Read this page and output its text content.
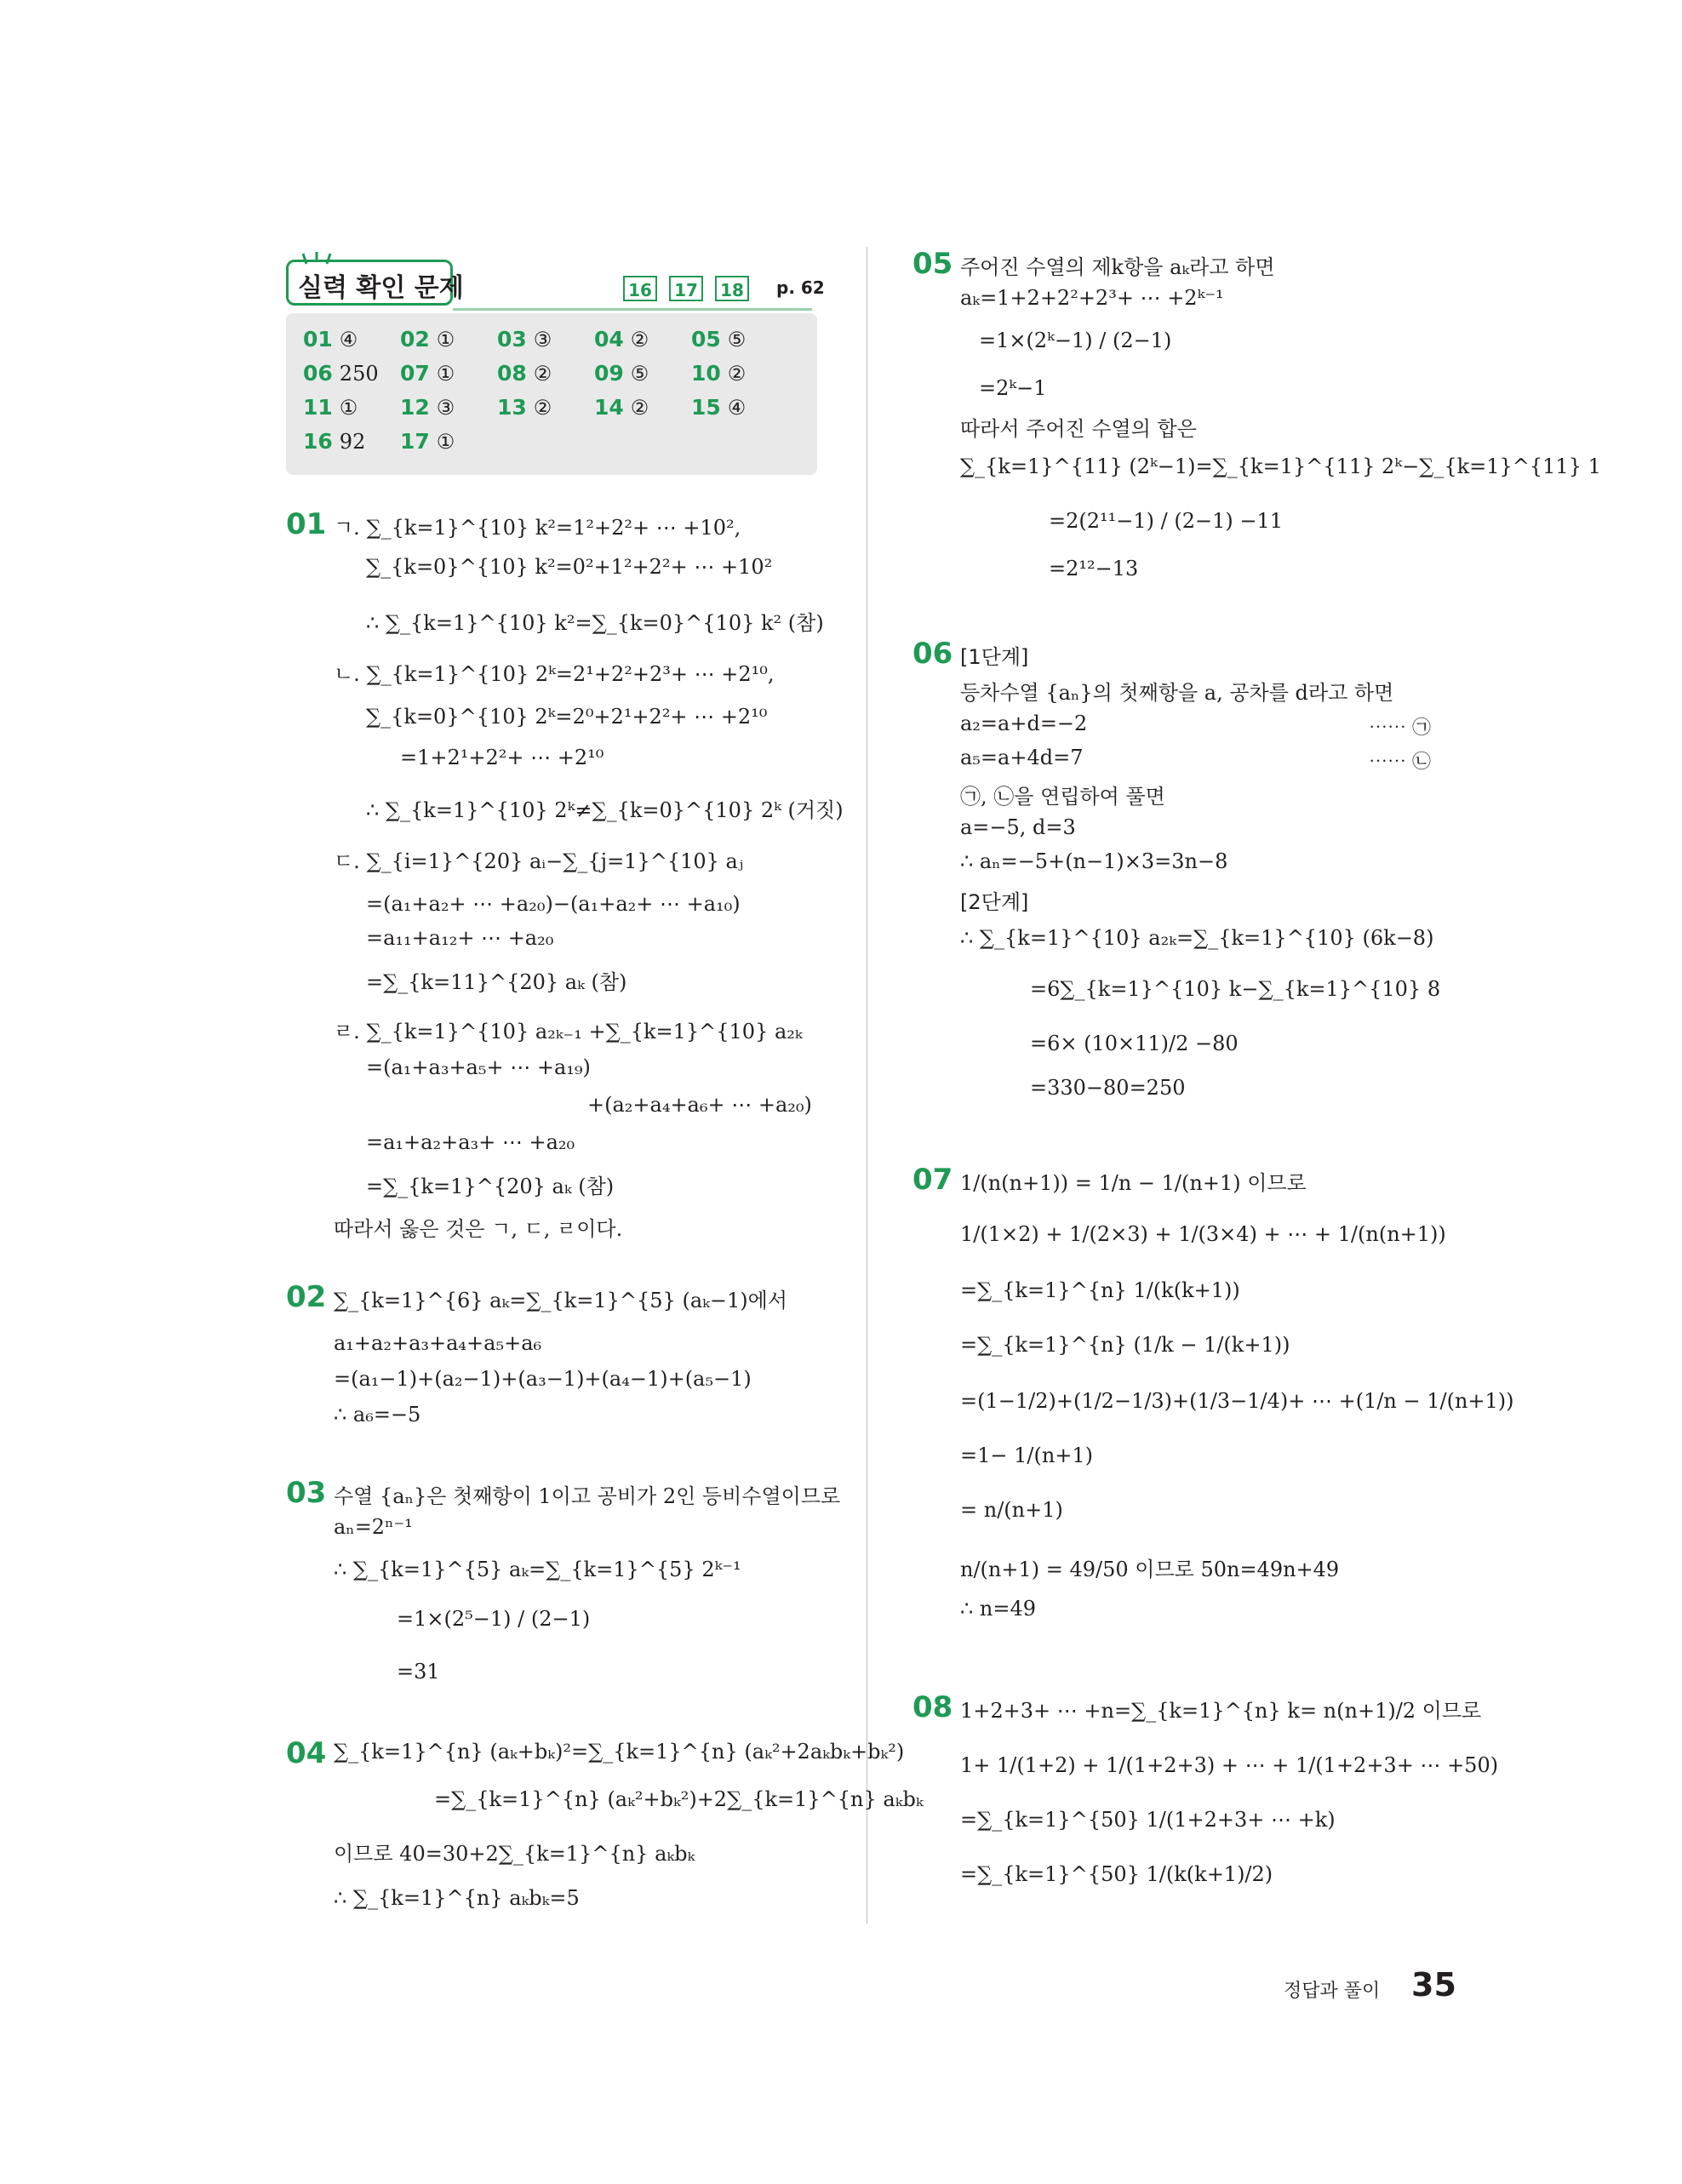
실력 확인 문제	16	17	18	p. 62
01 ④ 02 ① 03 ③ 04 ② 05 ⑤
06 250 07 ① 08 ② 09 ⑤ 10 ②
11 ① 12 ③ 13 ② 14 ② 15 ④
16 92 17 ①
01 ㄱ. ∑_{k=1}^{10} k²=1²+2²+ ⋯ +10²,
∑_{k=0}^{10} k²=0²+1²+2²+ ⋯ +10²
∴ ∑_{k=1}^{10} k²=∑_{k=0}^{10} k² (참)
ㄴ. ∑_{k=1}^{10} 2ᵏ=2¹+2²+2³+ ⋯ +2¹⁰,
∑_{k=0}^{10} 2ᵏ=2⁰+2¹+2²+ ⋯ +2¹⁰
=1+2¹+2²+ ⋯ +2¹⁰
∴ ∑_{k=1}^{10} 2ᵏ≠∑_{k=0}^{10} 2ᵏ (거짓)
ㄷ. ∑_{i=1}^{20} aᵢ−∑_{j=1}^{10} aⱼ
=(a₁+a₂+ ⋯ +a₂₀)−(a₁+a₂+ ⋯ +a₁₀)
=a₁₁+a₁₂+ ⋯ +a₂₀
=∑_{k=11}^{20} aₖ (참)
ㄹ. ∑_{k=1}^{10} a₂ₖ₋₁ +∑_{k=1}^{10} a₂ₖ
=(a₁+a₃+a₅+ ⋯ +a₁₉)
+(a₂+a₄+a₆+ ⋯ +a₂₀)
=a₁+a₂+a₃+ ⋯ +a₂₀
=∑_{k=1}^{20} aₖ (참)
따라서 옳은 것은 ㄱ, ㄷ, ㄹ이다.
02 ∑_{k=1}^{6} aₖ=∑_{k=1}^{5} (aₖ−1)에서
a₁+a₂+a₃+a₄+a₅+a₆
=(a₁−1)+(a₂−1)+(a₃−1)+(a₄−1)+(a₅−1)
∴ a₆=−5
03 수열 {aₙ}은 첫째항이 1이고 공비가 2인 등비수열이므로
aₙ=2ⁿ⁻¹
∴ ∑_{k=1}^{5} aₖ=∑_{k=1}^{5} 2ᵏ⁻¹
=1×(2⁵−1) / (2−1)
=31
04 ∑_{k=1}^{n} (aₖ+bₖ)²=∑_{k=1}^{n} (aₖ²+2aₖbₖ+bₖ²)
=∑_{k=1}^{n} (aₖ²+bₖ²)+2∑_{k=1}^{n} aₖbₖ
이므로 40=30+2∑_{k=1}^{n} aₖbₖ
∴ ∑_{k=1}^{n} aₖbₖ=5
05 주어진 수열의 제k항을 aₖ라고 하면
aₖ=1+2+2²+2³+ ⋯ +2ᵏ⁻¹
=1×(2ᵏ−1) / (2−1)
=2ᵏ−1
따라서 주어진 수열의 합은
∑_{k=1}^{11} (2ᵏ−1)=∑_{k=1}^{11} 2ᵏ−∑_{k=1}^{11} 1
=2(2¹¹−1) / (2−1) −11
=2¹²−13
06 [1단계]
등차수열 {aₙ}의 첫째항을 a, 공차를 d라고 하면
a₂=a+d=−2	⋯⋯ ㉠
a₅=a+4d=7	⋯⋯ ㉡
㉠, ㉡을 연립하여 풀면
a=−5, d=3
∴ aₙ=−5+(n−1)×3=3n−8
[2단계]
∴ ∑_{k=1}^{10} a₂ₖ=∑_{k=1}^{10} (6k−8)
=6∑_{k=1}^{10} k−∑_{k=1}^{10} 8
=6× (10×11)/2 −80
=330−80=250
07 1/(n(n+1)) = 1/n − 1/(n+1) 이므로
1/(1×2) + 1/(2×3) + 1/(3×4) + ⋯ + 1/(n(n+1))
=∑_{k=1}^{n} 1/(k(k+1))
=∑_{k=1}^{n} (1/k − 1/(k+1))
=(1−1/2)+(1/2−1/3)+(1/3−1/4)+ ⋯ +(1/n − 1/(n+1))
=1− 1/(n+1)
= n/(n+1)
n/(n+1) = 49/50 이므로 50n=49n+49
∴ n=49
08 1+2+3+ ⋯ +n=∑_{k=1}^{n} k= n(n+1)/2 이므로
1+ 1/(1+2) + 1/(1+2+3) + ⋯ + 1/(1+2+3+ ⋯ +50)
=∑_{k=1}^{50} 1/(1+2+3+ ⋯ +k)
=∑_{k=1}^{50} 1/(k(k+1)/2)
정답과 풀이 35
